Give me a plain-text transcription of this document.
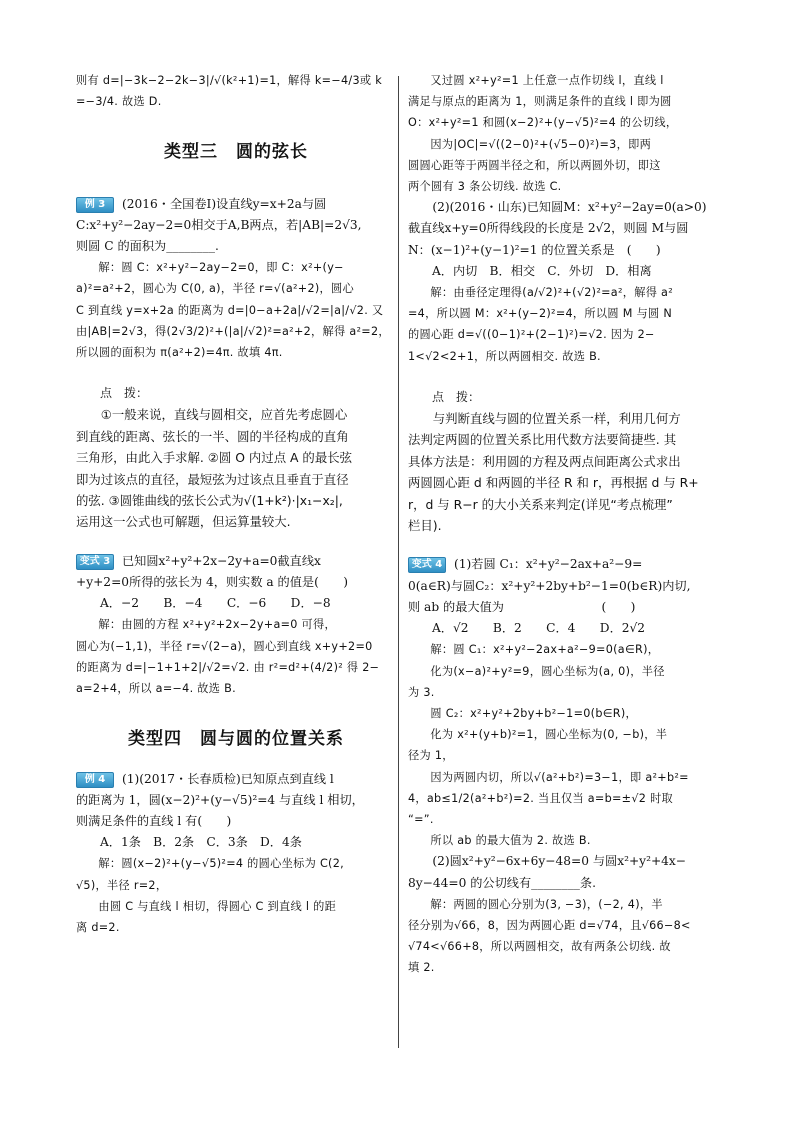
则有 d=|−3k−2−2k−3|/√(k²+1)=1，解得 k=−4/3或 k

=−3/4. 故选 D.

类型三　圆的弦长

例 3 (2016・全国卷Ⅰ)设直线y=x+2a与圆

C:x²+y²−2ay−2=0相交于A,B两点，若|AB|=2√3,

则圆 C 的面积为________.

解：圆 C：x²+y²−2ay−2=0，即 C：x²+(y−

a)²=a²+2，圆心为 C(0, a)，半径 r=√(a²+2)，圆心

C 到直线 y=x+2a 的距离为 d=|0−a+2a|/√2=|a|/√2. 又

由|AB|=2√3，得(2√3/2)²+(|a|/√2)²=a²+2，解得 a²=2，

所以圆的面积为 π(a²+2)=4π. 故填 4π.

点　拨：

①一般来说，直线与圆相交，应首先考虑圆心

到直线的距离、弦长的一半、圆的半径构成的直角

三角形，由此入手求解. ②圆 O 内过点 A 的最长弦

即为过该点的直径，最短弦为过该点且垂直于直径

的弦. ③圆锥曲线的弦长公式为√(1+k²)·|x₁−x₂|,

运用这一公式也可解题，但运算量较大.

变式 3 已知圆x²+y²+2x−2y+a=0截直线x

+y+2=0所得的弦长为 4，则实数 a 的值是(　　)

A．−2　　B．−4　　C．−6　　D．−8

解：由圆的方程 x²+y²+2x−2y+a=0 可得，

圆心为(−1,1)，半径 r=√(2−a)，圆心到直线 x+y+2=0

的距离为 d=|−1+1+2|/√2=√2. 由 r²=d²+(4/2)² 得 2−

a=2+4，所以 a=−4. 故选 B.

类型四　圆与圆的位置关系

例 4 (1)(2017・长春质检)已知原点到直线 l

的距离为 1，圆(x−2)²+(y−√5)²=4 与直线 l 相切，

则满足条件的直线 l 有(　　)

A．1条　B．2条　C．3条　D．4条

解：圆(x−2)²+(y−√5)²=4 的圆心坐标为 C(2,

√5)，半径 r=2，

由圆 C 与直线 l 相切，得圆心 C 到直线 l 的距

离 d=2.

又过圆 x²+y²=1 上任意一点作切线 l，直线 l

满足与原点的距离为 1，则满足条件的直线 l 即为圆

O：x²+y²=1 和圆(x−2)²+(y−√5)²=4 的公切线，

因为|OC|=√((2−0)²+(√5−0)²)=3，即两

圆圆心距等于两圆半径之和，所以两圆外切，即这

两个圆有 3 条公切线. 故选 C.

(2)(2016・山东)已知圆M：x²+y²−2ay=0(a>0)

截直线x+y=0所得线段的长度是 2√2，则圆 M与圆

N：(x−1)²+(y−1)²=1 的位置关系是　(　　)

A．内切　B．相交　C．外切　D．相离

解：由垂径定理得(a/√2)²+(√2)²=a²，解得 a²

=4，所以圆 M：x²+(y−2)²=4，所以圆 M 与圆 N

的圆心距 d=√((0−1)²+(2−1)²)=√2. 因为 2−

1<√2<2+1，所以两圆相交. 故选 B.

点　拨：

与判断直线与圆的位置关系一样，利用几何方

法判定两圆的位置关系比用代数方法要简捷些. 其

具体方法是：利用圆的方程及两点间距离公式求出

两圆圆心距 d 和两圆的半径 R 和 r，再根据 d 与 R+

r，d 与 R−r 的大小关系来判定(详见“考点梳理”

栏目).

变式 4 (1)若圆 C₁：x²+y²−2ax+a²−9=

0(a∈R)与圆C₂：x²+y²+2by+b²−1=0(b∈R)内切,

则 ab 的最大值为　　　　　　　　(　　)

A．√2　　B．2　　C．4　　D．2√2

解：圆 C₁：x²+y²−2ax+a²−9=0(a∈R)，

化为(x−a)²+y²=9，圆心坐标为(a, 0)，半径

为 3.

圆 C₂：x²+y²+2by+b²−1=0(b∈R)，

化为 x²+(y+b)²=1，圆心坐标为(0, −b)，半

径为 1，

因为两圆内切，所以√(a²+b²)=3−1，即 a²+b²=

4，ab≤1/2(a²+b²)=2. 当且仅当 a=b=±√2 时取

“=”.

所以 ab 的最大值为 2. 故选 B.

(2)圆x²+y²−6x+6y−48=0 与圆x²+y²+4x−

8y−44=0 的公切线有________条.

解：两圆的圆心分别为(3, −3)，(−2, 4)，半

径分别为√66，8，因为两圆心距 d=√74，且√66−8<

√74<√66+8，所以两圆相交，故有两条公切线. 故

填 2.
